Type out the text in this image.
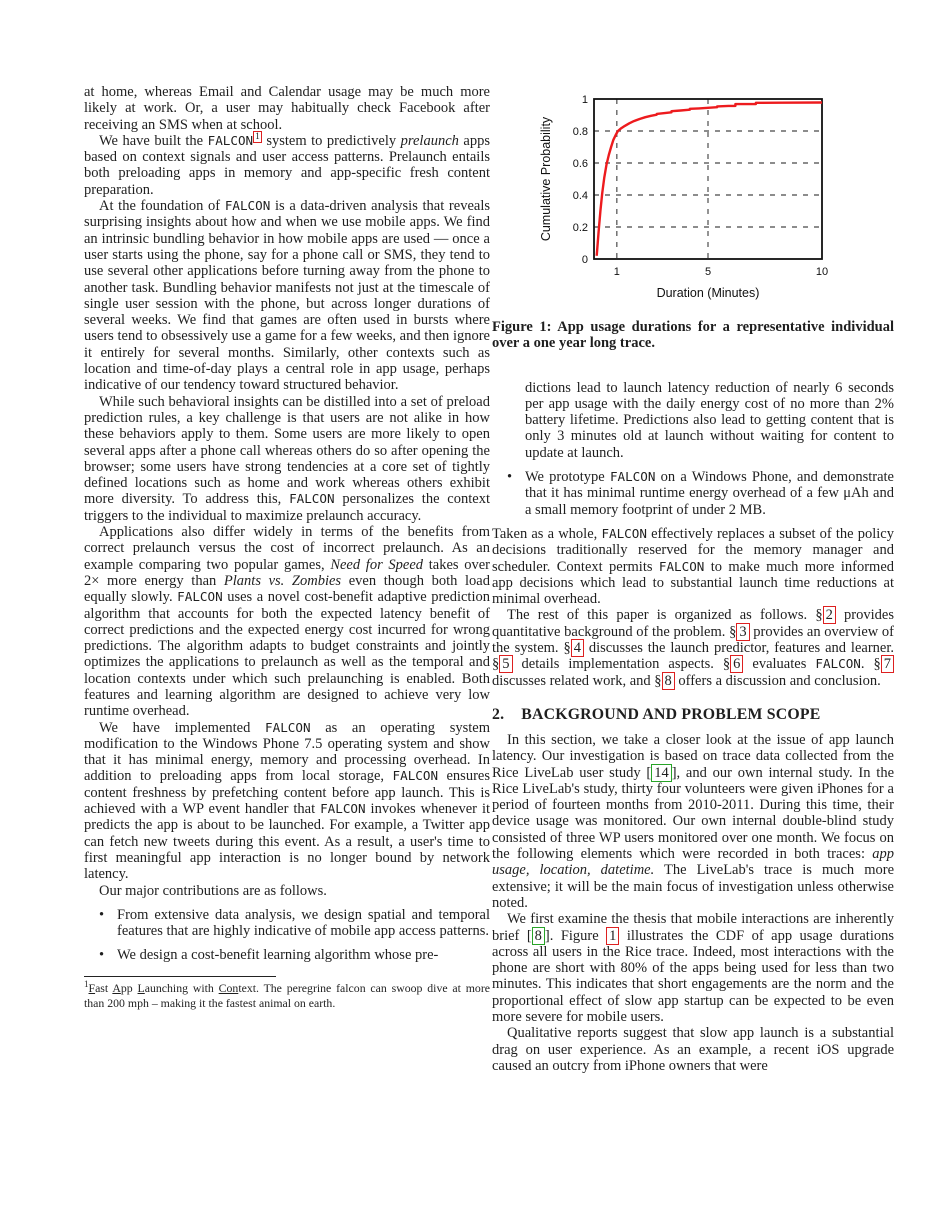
at home, whereas Email and Calendar usage may be much more likely at work. Or, a user may habitually check Facebook after receiving an SMS when at school.

We have built the FALCON $^1$ system to predictively prelaunch apps based on context signals and user access patterns. Prelaunch entails both preloading apps in memory and app-specific fresh content preparation.

At the foundation of FALCON is a data-driven analysis that reveals surprising insights about how and when we use mobile apps. We find an intrinsic bundling behavior in how mobile apps are used — once a user starts using the phone, say for a phone call or SMS, they tend to use several other applications before turning away from the phone to another task. Bundling behavior manifests not just at the timescale of single user session with the phone, but across longer durations of several weeks. We find that games are often used in bursts where users tend to obsessively use a game for a few weeks, and then ignore it entirely for several months. Similarly, other contexts such as location and time-of-day plays a central role in app usage, perhaps indicative of our tendency toward structured behavior.

While such behavioral insights can be distilled into a set of preload prediction rules, a key challenge is that users are not alike in how these behaviors apply to them. Some users are more likely to open several apps after a phone call whereas others do so after opening the browser; some users have strong tendencies at a core set of tightly defined locations such as home and work whereas others exhibit more diversity. To address this, FALCON personalizes the context triggers to the individual to maximize prelaunch accuracy.

Applications also differ widely in terms of the benefits from correct prelaunch versus the cost of incorrect prelaunch. As an example comparing two popular games, Need for Speed takes over 2× more energy than Plants vs. Zombies even though both load equally slowly. FALCON uses a novel cost-benefit adaptive prediction algorithm that accounts for both the expected latency benefit of correct predictions and the expected energy cost incurred for wrong predictions. The algorithm adapts to budget constraints and jointly optimizes the applications to prelaunch as well as the temporal and location contexts under which such prelaunching is enabled. Both features and learning algorithm are designed to achieve very low runtime overhead.

We have implemented FALCON as an operating system modification to the Windows Phone 7.5 operating system and show that it has minimal energy, memory and processing overhead. In addition to preloading apps from local storage, FALCON ensures content freshness by prefetching content before app launch. This is achieved with a WP event handler that FALCON invokes whenever it predicts the app is about to be launched. For example, a Twitter app can fetch new tweets during this event. As a result, a user's time to first meaningful app interaction is no longer bound by network latency.

Our major contributions are as follows.

• From extensive data analysis, we design spatial and temporal features that are highly indicative of mobile app access patterns.

• We design a cost-benefit learning algorithm whose pre-

$^1$Fast App Launching with Context. The peregrine falcon can swoop dive at more than 200 mph – making it the fastest animal on earth.

0
0.2
0.4
0.6
0.8
1
1	5	10
Duration (Minutes)
Cumulative Probability

Figure 1: App usage durations for a representative individual over a one year long trace.

dictions lead to launch latency reduction of nearly 6 seconds per app usage with the daily energy cost of no more than 2% battery lifetime. Predictions also lead to getting content that is only 3 minutes old at launch without waiting for content to update at launch.

• We prototype FALCON on a Windows Phone, and demonstrate that it has minimal runtime energy overhead of a few μAh and a small memory footprint of under 2 MB.

Taken as a whole, FALCON effectively replaces a subset of the policy decisions traditionally reserved for the memory manager and scheduler. Context permits FALCON to make much more informed app decisions which lead to substantial launch time reductions at minimal overhead.

The rest of this paper is organized as follows. § 2 provides quantitative background of the problem. § 3 provides an overview of the system. § 4 discusses the launch predictor, features and learner. § 5 details implementation aspects. § 6 evaluates FALCON. § 7 discusses related work, and § 8 offers a discussion and conclusion.

2. BACKGROUND AND PROBLEM SCOPE

In this section, we take a closer look at the issue of app launch latency. Our investigation is based on trace data collected from the Rice LiveLab user study [ 14 ], and our own internal study. In the Rice LiveLab's study, thirty four volunteers were given iPhones for a period of fourteen months from 2010-2011. During this time, their device usage was monitored. Our own internal double-blind study consisted of three WP users monitored over one month. We focus on the following elements which were recorded in both traces: app usage, location, datetime. The LiveLab's trace is much more extensive; it will be the main focus of investigation unless otherwise noted.

We first examine the thesis that mobile interactions are inherently brief [ 8 ]. Figure 1 illustrates the CDF of app usage durations across all users in the Rice trace. Indeed, most interactions with the phone are short with 80% of the apps being used for less than two minutes. This indicates that short engagements are the norm and the proportional effect of slow app startup can be expected to be even more severe for mobile users.

Qualitative reports suggest that slow app launch is a substantial drag on user experience. As an example, a recent iOS upgrade caused an outcry from iPhone owners that were
